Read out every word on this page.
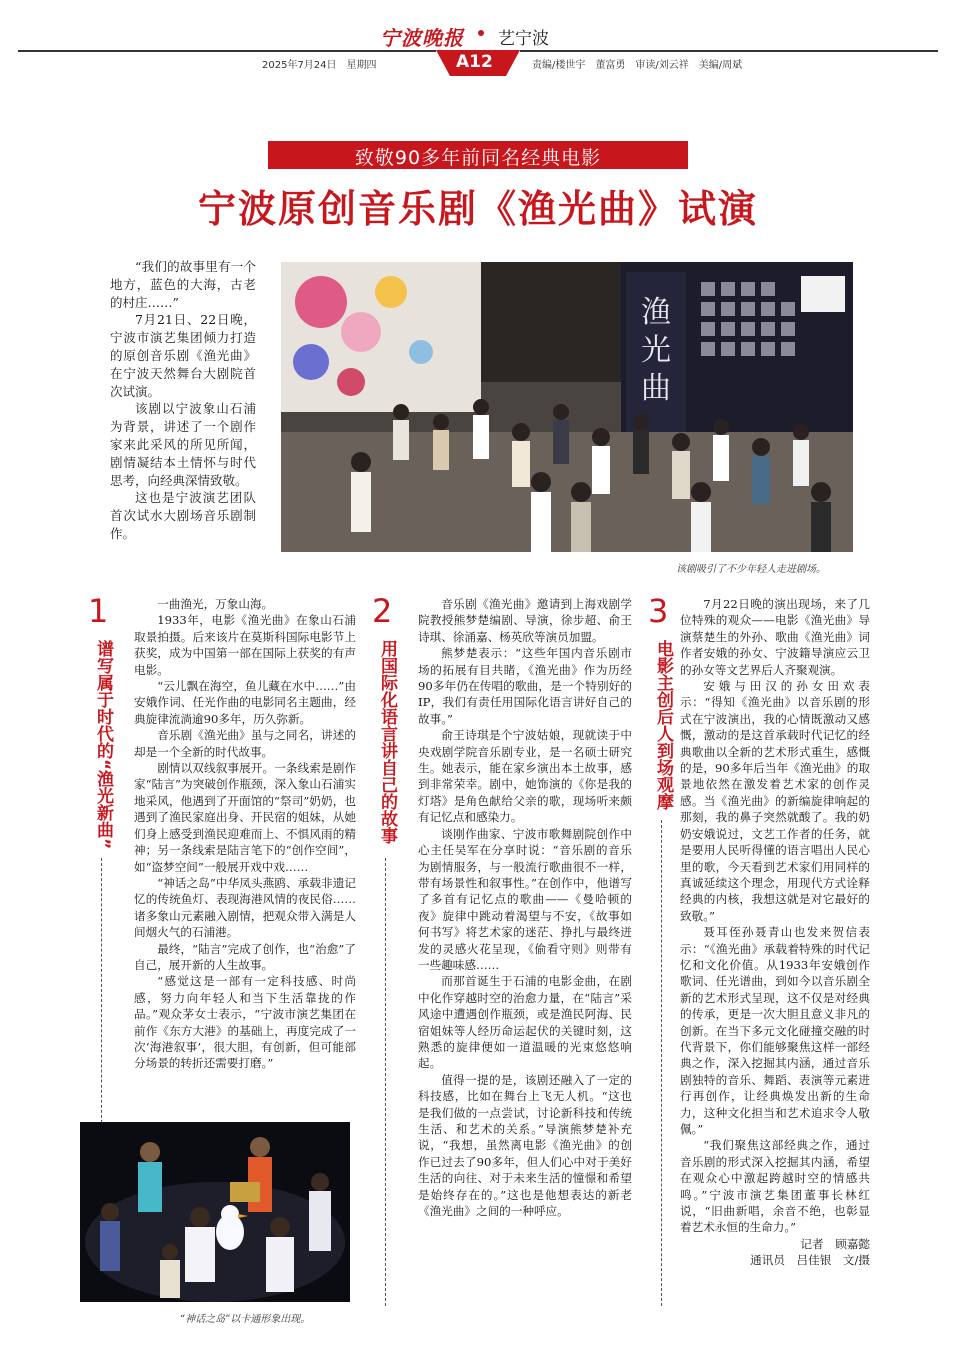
宁波晚报 艺宁波
A12
2025年7月24日　星期四	责编/楼世宇　董富勇　审读/刘云祥　美编/周斌
致敬90多年前同名经典电影
宁波原创音乐剧《渔光曲》试演

“我们的故事里有一个地方，蓝色的大海，古老的村庄……”

7月21日、22日晚，宁波市演艺集团倾力打造的原创音乐剧《渔光曲》在宁波天然舞台大剧院首次试演。

该剧以宁波象山石浦为背景，讲述了一个剧作家来此采风的所见所闻，剧情凝结本土情怀与时代思考，向经典深情致敬。

这也是宁波演艺团队首次试水大剧场音乐剧制作。

渔
光
曲
该剧吸引了不少年轻人走进剧场。
1
谱写属于时代的“渔光新曲”

一曲渔光，万象山海。

1933年，电影《渔光曲》在象山石浦取景拍摄。后来该片在莫斯科国际电影节上获奖，成为中国第一部在国际上获奖的有声电影。

“云儿飘在海空，鱼儿藏在水中……”由安娥作词、任光作曲的电影同名主题曲，经典旋律流淌逾90多年，历久弥新。

音乐剧《渔光曲》虽与之同名，讲述的却是一个全新的时代故事。

剧情以双线叙事展开。一条线索是剧作家“陆言”为突破创作瓶颈，深入象山石浦实地采风，他遇到了开面馆的“祭司”奶奶，也遇到了渔民家庭出身、开民宿的姐妹，从她们身上感受到渔民迎难而上、不惧风雨的精神；另一条线索是陆言笔下的“创作空间”，如“盗梦空间”一般展开戏中戏……

“神话之岛”中华凤头燕鸥、承载非遗记忆的传统鱼灯、表现海港风情的夜民俗……诸多象山元素融入剧情，把观众带入满是人间烟火气的石浦港。

最终，“陆言”完成了创作，也“治愈”了自己，展开新的人生故事。

“感觉这是一部有一定科技感、时尚感，努力向年轻人和当下生活靠拢的作品。”观众茅女士表示，“宁波市演艺集团在前作《东方大港》的基础上，再度完成了一次‘海港叙事’，很大胆，有创新，但可能部分场景的转折还需要打磨。”

“神话之岛”以卡通形象出现。
2
用国际化语言讲自己的故事

音乐剧《渔光曲》邀请到上海戏剧学院教授熊梦楚编剧、导演，徐步超、俞王诗琪、徐涌嘉、杨英欣等演员加盟。

熊梦楚表示：“这些年国内音乐剧市场的拓展有目共睹，《渔光曲》作为历经90多年仍在传唱的歌曲，是一个特别好的IP，我们有责任用国际化语言讲好自己的故事。”

俞王诗琪是个宁波姑娘，现就读于中央戏剧学院音乐剧专业，是一名硕士研究生。她表示，能在家乡演出本土故事，感到非常荣幸。剧中，她饰演的《你是我的灯塔》是角色献给父亲的歌，现场听来颇有记忆点和感染力。

谈刚作曲家、宁波市歌舞剧院创作中心主任吴军在分享时说：“音乐剧的音乐为剧情服务，与一般流行歌曲很不一样，带有场景性和叙事性。”在创作中，他谱写了多首有记忆点的歌曲——《曼哈顿的夜》旋律中跳动着渴望与不安，《故事如何书写》将艺术家的迷茫、挣扎与最终迸发的灵感火花呈现，《偷看守则》则带有一些趣味感……

而那首诞生于石浦的电影金曲，在剧中化作穿越时空的治愈力量，在“陆言”采风途中遭遇创作瓶颈，或是渔民阿海、民宿姐妹等人经历命运起伏的关键时刻，这熟悉的旋律便如一道温暖的光束悠悠响起。

值得一提的是，该剧还融入了一定的科技感，比如在舞台上飞无人机。“这也是我们做的一点尝试，讨论新科技和传统生活、和艺术的关系。”导演熊梦楚补充说，“我想，虽然离电影《渔光曲》的创作已过去了90多年，但人们心中对于美好生活的向往、对于未来生活的憧憬和希望是始终存在的。”这也是他想表达的新老《渔光曲》之间的一种呼应。

3
电影主创后人到场观摩

7月22日晚的演出现场，来了几位特殊的观众——电影《渔光曲》导演蔡楚生的外孙、歌曲《渔光曲》词作者安娥的孙女、宁波籍导演应云卫的孙女等文艺界后人齐聚观演。

安娥与田汉的孙女田欢表示：“得知《渔光曲》以音乐剧的形式在宁波演出，我的心情既激动又感慨，激动的是这首承载时代记忆的经典歌曲以全新的艺术形式重生，感慨的是，90多年后当年《渔光曲》的取景地依然在激发着艺术家的创作灵感。当《渔光曲》的新编旋律响起的那刻，我的鼻子突然就酸了。我的奶奶安娥说过，文艺工作者的任务，就是要用人民听得懂的语言唱出人民心里的歌，今天看到艺术家们用同样的真诚延续这个理念，用现代方式诠释经典的内核，我想这就是对它最好的致敬。”

聂耳侄孙聂青山也发来贺信表示：“《渔光曲》承载着特殊的时代记忆和文化价值。从1933年安娥创作歌词、任光谱曲，到如今以音乐剧全新的艺术形式呈现，这不仅是对经典的传承，更是一次大胆且意义非凡的创新。在当下多元文化碰撞交融的时代背景下，你们能够聚焦这样一部经典之作，深入挖掘其内涵，通过音乐剧独特的音乐、舞蹈、表演等元素进行再创作，让经典焕发出新的生命力，这种文化担当和艺术追求令人敬佩。”

“我们聚焦这部经典之作，通过音乐剧的形式深入挖掘其内涵，希望在观众心中激起跨越时空的情感共鸣。”宁波市演艺集团董事长林红说，“旧曲新唱，余音不绝，也彰显着艺术永恒的生命力。”

记者　顾嘉懿

通讯员　吕佳银　文/摄
